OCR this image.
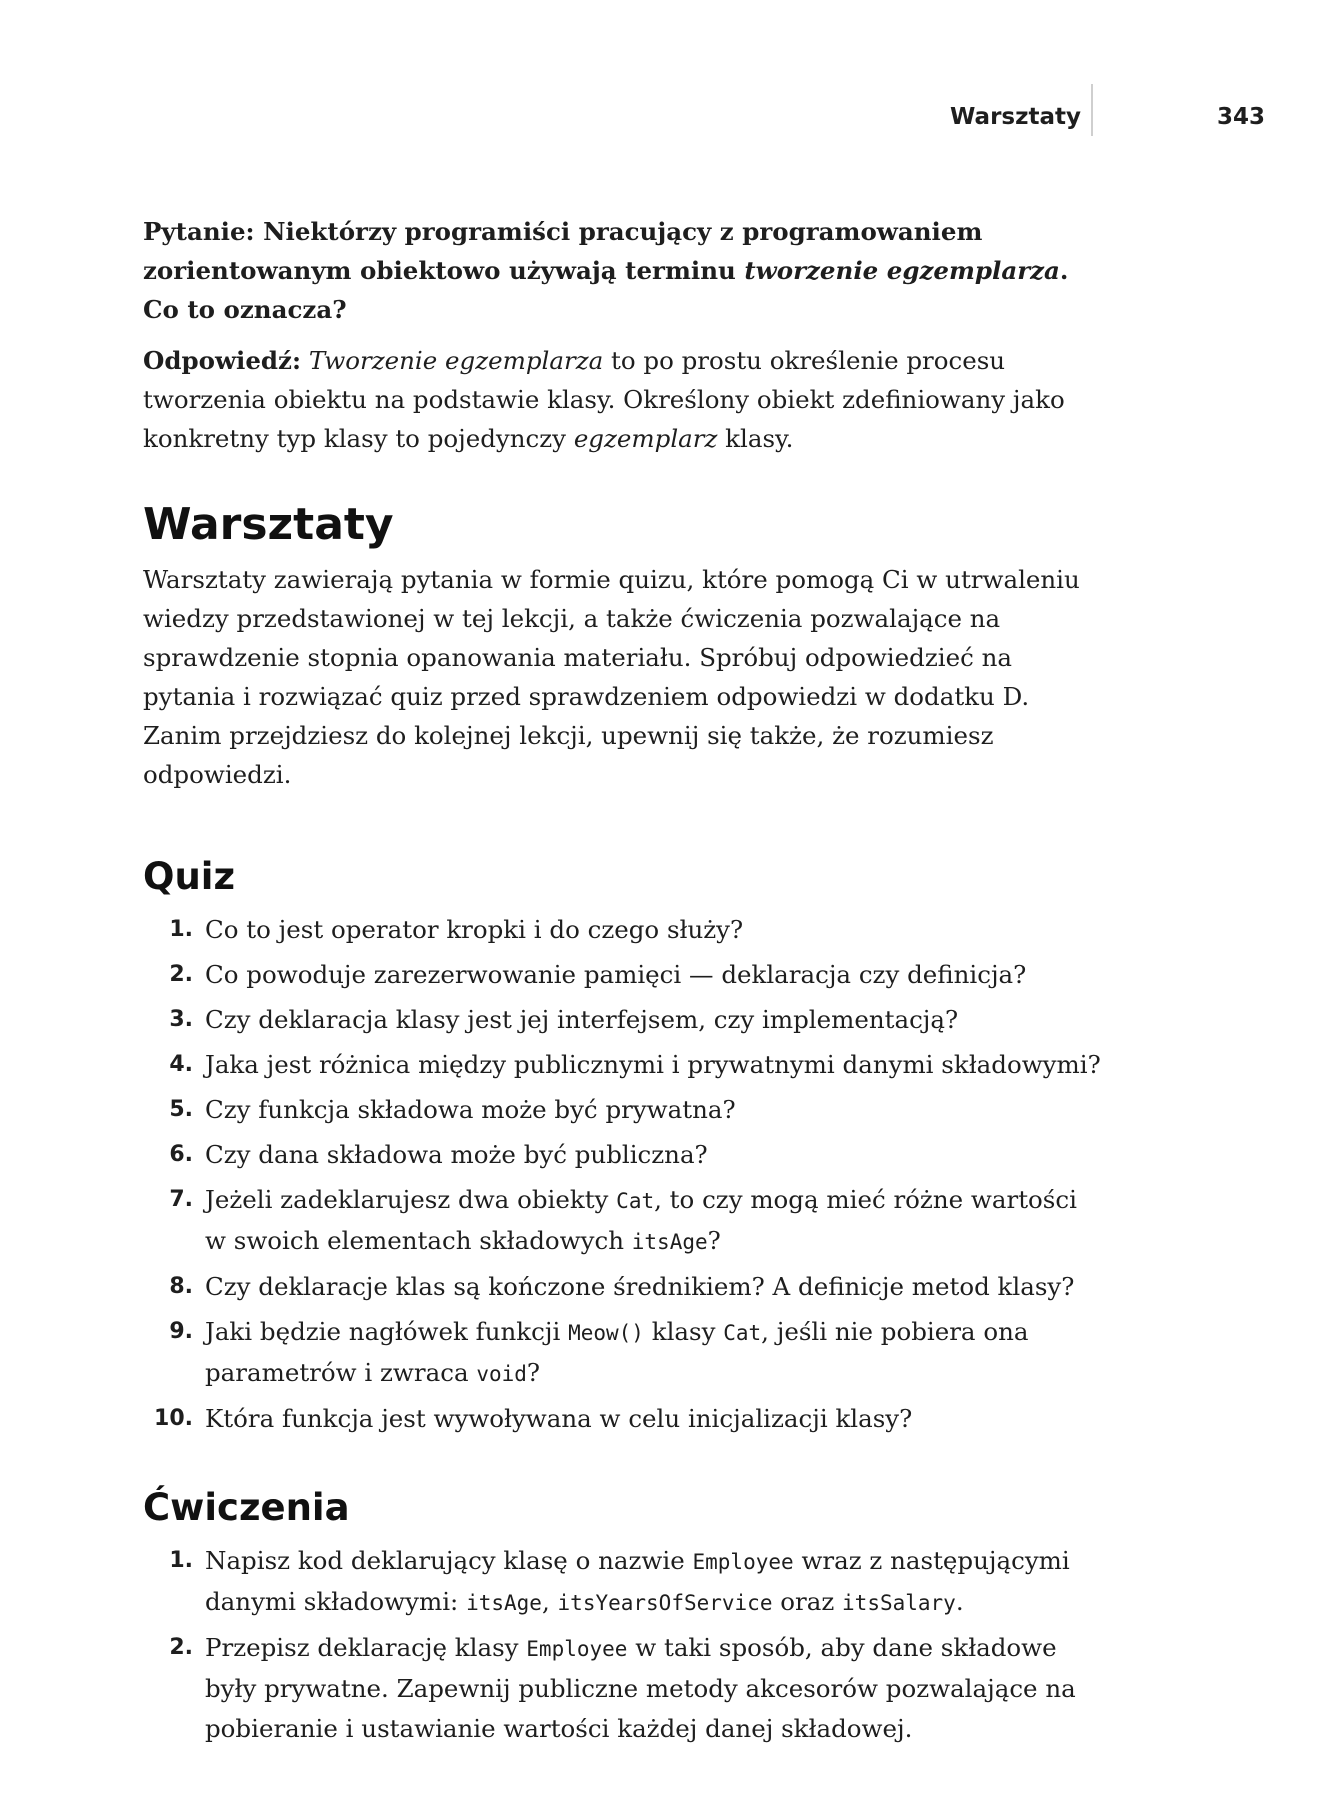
Warsztaty	343

Pytanie: Niektórzy programiści pracujący z programowaniem zorientowanym obiektowo używają terminu tworzenie egzemplarza. Co to oznacza?

Odpowiedź: Tworzenie egzemplarza to po prostu określenie procesu tworzenia obiektu na podstawie klasy. Określony obiekt zdefiniowany jako konkretny typ klasy to pojedynczy egzemplarz klasy.

Warsztaty

Warsztaty zawierają pytania w formie quizu, które pomogą Ci w utrwaleniu wiedzy przedstawionej w tej lekcji, a także ćwiczenia pozwalające na sprawdzenie stopnia opanowania materiału. Spróbuj odpowiedzieć na pytania i rozwiązać quiz przed sprawdzeniem odpowiedzi w dodatku D. Zanim przejdziesz do kolejnej lekcji, upewnij się także, że rozumiesz odpowiedzi.

Quiz
1. Co to jest operator kropki i do czego służy?
2. Co powoduje zarezerwowanie pamięci — deklaracja czy definicja?
3. Czy deklaracja klasy jest jej interfejsem, czy implementacją?
4. Jaka jest różnica między publicznymi i prywatnymi danymi składowymi?
5. Czy funkcja składowa może być prywatna?
6. Czy dana składowa może być publiczna?
7. Jeżeli zadeklarujesz dwa obiekty Cat, to czy mogą mieć różne wartości w swoich elementach składowych itsAge?
8. Czy deklaracje klas są kończone średnikiem? A definicje metod klasy?
9. Jaki będzie nagłówek funkcji Meow() klasy Cat, jeśli nie pobiera ona parametrów i zwraca void?
10. Która funkcja jest wywoływana w celu inicjalizacji klasy?
Ćwiczenia
1. Napisz kod deklarujący klasę o nazwie Employee wraz z następującymi danymi składowymi: itsAge, itsYearsOfService oraz itsSalary.
2. Przepisz deklarację klasy Employee w taki sposób, aby dane składowe były prywatne. Zapewnij publiczne metody akcesorów pozwalające na pobieranie i ustawianie wartości każdej danej składowej.
